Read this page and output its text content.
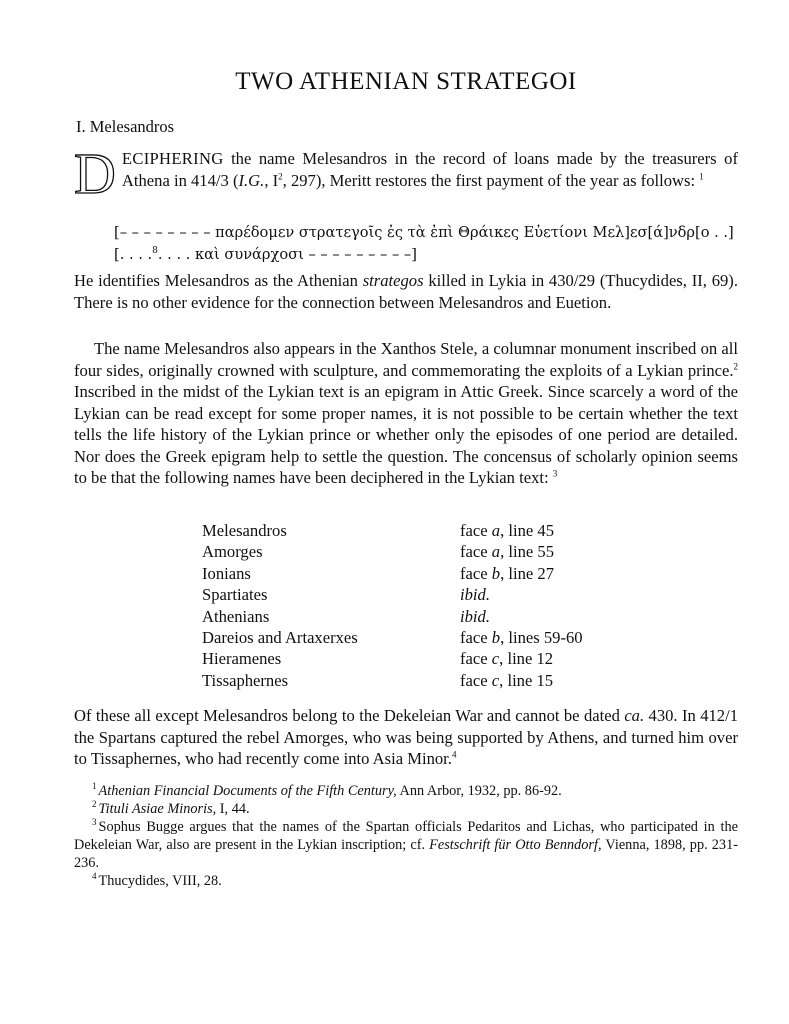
TWO ATHENIAN STRATEGOI
I. Melesandros

DECIPHERING the name Melesandros in the record of loans made by the treasurers of Athena in 414/3 (I.G., $I^2$, 297), Meritt restores the first payment of the year as follows: $^1$

[– – – – – – – – παρέδομεν στρατεγοῖς ἐς τὰ ἐπὶ Θράικες Εὐετίονι Μελ]εσ[ά]νδρ[ο . .]
[. . . .$^8$. . . . καὶ συνάρχοσι – – – – – – – – –]

He identifies Melesandros as the Athenian strategos killed in Lykia in 430/29 (Thucydides, II, 69). There is no other evidence for the connection between Melesandros and Euetion.

The name Melesandros also appears in the Xanthos Stele, a columnar monument inscribed on all four sides, originally crowned with sculpture, and commemorating the exploits of a Lykian prince.$^2$ Inscribed in the midst of the Lykian text is an epigram in Attic Greek. Since scarcely a word of the Lykian can be read except for some proper names, it is not possible to be certain whether the text tells the life history of the Lykian prince or whether only the episodes of one period are detailed. Nor does the Greek epigram help to settle the question. The concensus of scholarly opinion seems to be that the following names have been deciphered in the Lykian text: $^3$

Melesandros	face a, line 45
Amorges	face a, line 55
Ionians	face b, line 27
Spartiates	ibid.
Athenians	ibid.
Dareios and Artaxerxes	face b, lines 59-60
Hieramenes	face c, line 12
Tissaphernes	face c, line 15

Of these all except Melesandros belong to the Dekeleian War and cannot be dated ca. 430. In 412/1 the Spartans captured the rebel Amorges, who was being supported by Athens, and turned him over to Tissaphernes, who had recently come into Asia Minor.$^4$

$^1$ Athenian Financial Documents of the Fifth Century, Ann Arbor, 1932, pp. 86-92.

$^2$ Tituli Asiae Minoris, I, 44.

$^3$ Sophus Bugge argues that the names of the Spartan officials Pedaritos and Lichas, who participated in the Dekeleian War, also are present in the Lykian inscription; cf. Festschrift für Otto Benndorf, Vienna, 1898, pp. 231-236.

$^4$ Thucydides, VIII, 28.
